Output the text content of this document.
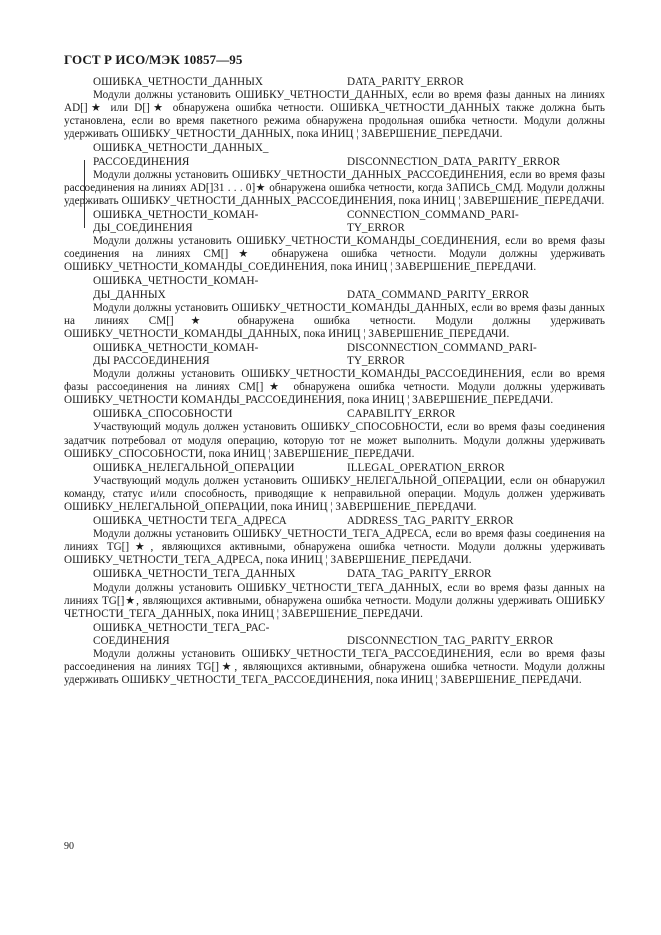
ГОСТ Р ИСО/МЭК 10857—95
ОШИБКА_ЧЕТНОСТИ_ДАННЫХ	DATA_PARITY_ERROR
Модули должны установить ОШИБКУ_ЧЕТНОСТИ_ДАННЫХ, если во время фазы данных на линиях AD[]★ или D[]★ обнаружена ошибка четности. ОШИБКА_ЧЕТНОСТИ_ДАННЫХ также должна быть установлена, если во время пакетного режима обнаружена продольная ошибка четности. Модули должны удерживать ОШИБКУ_ЧЕТНОСТИ_ДАННЫХ, пока ИНИЦ ¦ ЗАВЕРШЕНИЕ_ПЕРЕДАЧИ.
ОШИБКА_ЧЕТНОСТИ_ДАННЫХ_
РАССОЕДИНЕНИЯ	DISCONNECTION_DATA_PARITY_ERROR
Модули должны установить ОШИБКУ_ЧЕТНОСТИ_ДАННЫХ_РАССОЕДИНЕНИЯ, если во время фазы рассоединения на линиях AD[]31 . . . 0]★ обнаружена ошибка четности, когда ЗАПИСЬ_СМД. Модули должны удерживать ОШИБКУ_ЧЕТНОСТИ_ДАННЫХ_РАССОЕДИНЕНИЯ, пока ИНИЦ ¦ ЗАВЕРШЕНИЕ_ПЕРЕДАЧИ.
ОШИБКА_ЧЕТНОСТИ_КОМАН-	CONNECTION_COMMAND_PARI-
ДЫ_СОЕДИНЕНИЯ	TY_ERROR
Модули должны установить ОШИБКУ_ЧЕТНОСТИ_КОМАНДЫ_СОЕДИНЕНИЯ, если во время фазы соединения на линиях СМ[]★ обнаружена ошибка четности. Модули должны удерживать ОШИБКУ_ЧЕТНОСТИ_КОМАНДЫ_СОЕДИНЕНИЯ, пока ИНИЦ ¦ ЗАВЕРШЕНИЕ_ПЕРЕДАЧИ.
ОШИБКА_ЧЕТНОСТИ_КОМАН-
ДЫ_ДАННЫХ	DATA_COMMAND_PARITY_ERROR
Модули должны установить ОШИБКУ_ЧЕТНОСТИ_КОМАНДЫ_ДАННЫХ, если во время фазы данных на линиях СМ[]★ обнаружена ошибка четности. Модули должны удерживать ОШИБКУ_ЧЕТНОСТИ_КОМАНДЫ_ДАННЫХ, пока ИНИЦ ¦ ЗАВЕРШЕНИЕ_ПЕРЕДАЧИ.
ОШИБКА_ЧЕТНОСТИ_КОМАН-	DISCONNECTION_COMMAND_PARI-
ДЫ РАССОЕДИНЕНИЯ	TY_ERROR
Модули должны установить ОШИБКУ_ЧЕТНОСТИ_КОМАНДЫ_РАССОЕДИНЕНИЯ, если во время фазы рассоединения на линиях СМ[]★ обнаружена ошибка четности. Модули должны удерживать ОШИБКУ_ЧЕТНОСТИ КОМАНДЫ_РАССОЕДИНЕНИЯ, пока ИНИЦ ¦ ЗАВЕРШЕНИЕ_ПЕРЕДАЧИ.
ОШИБКА_СПОСОБНОСТИ	CAPABILITY_ERROR
Участвующий модуль должен установить ОШИБКУ_СПОСОБНОСТИ, если во время фазы соединения задатчик потребовал от модуля операцию, которую тот не может выполнить. Модули должны удерживать ОШИБКУ_СПОСОБНОСТИ, пока ИНИЦ ¦ ЗАВЕРШЕНИЕ_ПЕРЕДАЧИ.
ОШИБКА_НЕЛЕГАЛЬНОЙ_ОПЕРАЦИИ	ILLEGAL_OPERATION_ERROR
Участвующий модуль должен установить ОШИБКУ_НЕЛЕГАЛЬНОЙ_ОПЕРАЦИИ, если он обнаружил команду, статус и/или способность, приводящие к неправильной операции. Модуль должен удерживать ОШИБКУ_НЕЛЕГАЛЬНОЙ_ОПЕРАЦИИ, пока ИНИЦ ¦ ЗАВЕРШЕНИЕ_ПЕРЕДАЧИ.
ОШИБКА_ЧЕТНОСТИ ТЕГА_АДРЕСА	ADDRESS_TAG_PARITY_ERROR
Модули должны установить ОШИБКУ_ЧЕТНОСТИ_ТЕГА_АДРЕСА, если во время фазы соединения на линиях TG[]★, являющихся активными, обнаружена ошибка четности. Модули должны удерживать ОШИБКУ_ЧЕТНОСТИ_ТЕГА_АДРЕСА, пока ИНИЦ ¦ ЗАВЕРШЕНИЕ_ПЕРЕДАЧИ.
ОШИБКА_ЧЕТНОСТИ_ТЕГА_ДАННЫХ	DATA_TAG_PARITY_ERROR
Модули должны установить ОШИБКУ_ЧЕТНОСТИ_ТЕГА_ДАННЫХ, если во время фазы данных на линиях TG[]★, являющихся активными, обнаружена ошибка четности. Модули должны удерживать ОШИБКУ ЧЕТНОСТИ_ТЕГА_ДАННЫХ, пока ИНИЦ ¦ ЗАВЕРШЕНИЕ_ПЕРЕДАЧИ.
ОШИБКА_ЧЕТНОСТИ_ТЕГА_РАС-
СОЕДИНЕНИЯ	DISCONNECTION_TAG_PARITY_ERROR
Модули должны установить ОШИБКУ_ЧЕТНОСТИ_ТЕГА_РАССОЕДИНЕНИЯ, если во время фазы рассоединения на линиях TG[]★, являющихся активными, обнаружена ошибка четности. Модули должны удерживать ОШИБКУ_ЧЕТНОСТИ_ТЕГА_РАССОЕДИНЕНИЯ, пока ИНИЦ ¦ ЗАВЕРШЕНИЕ_ПЕРЕДАЧИ.
90
